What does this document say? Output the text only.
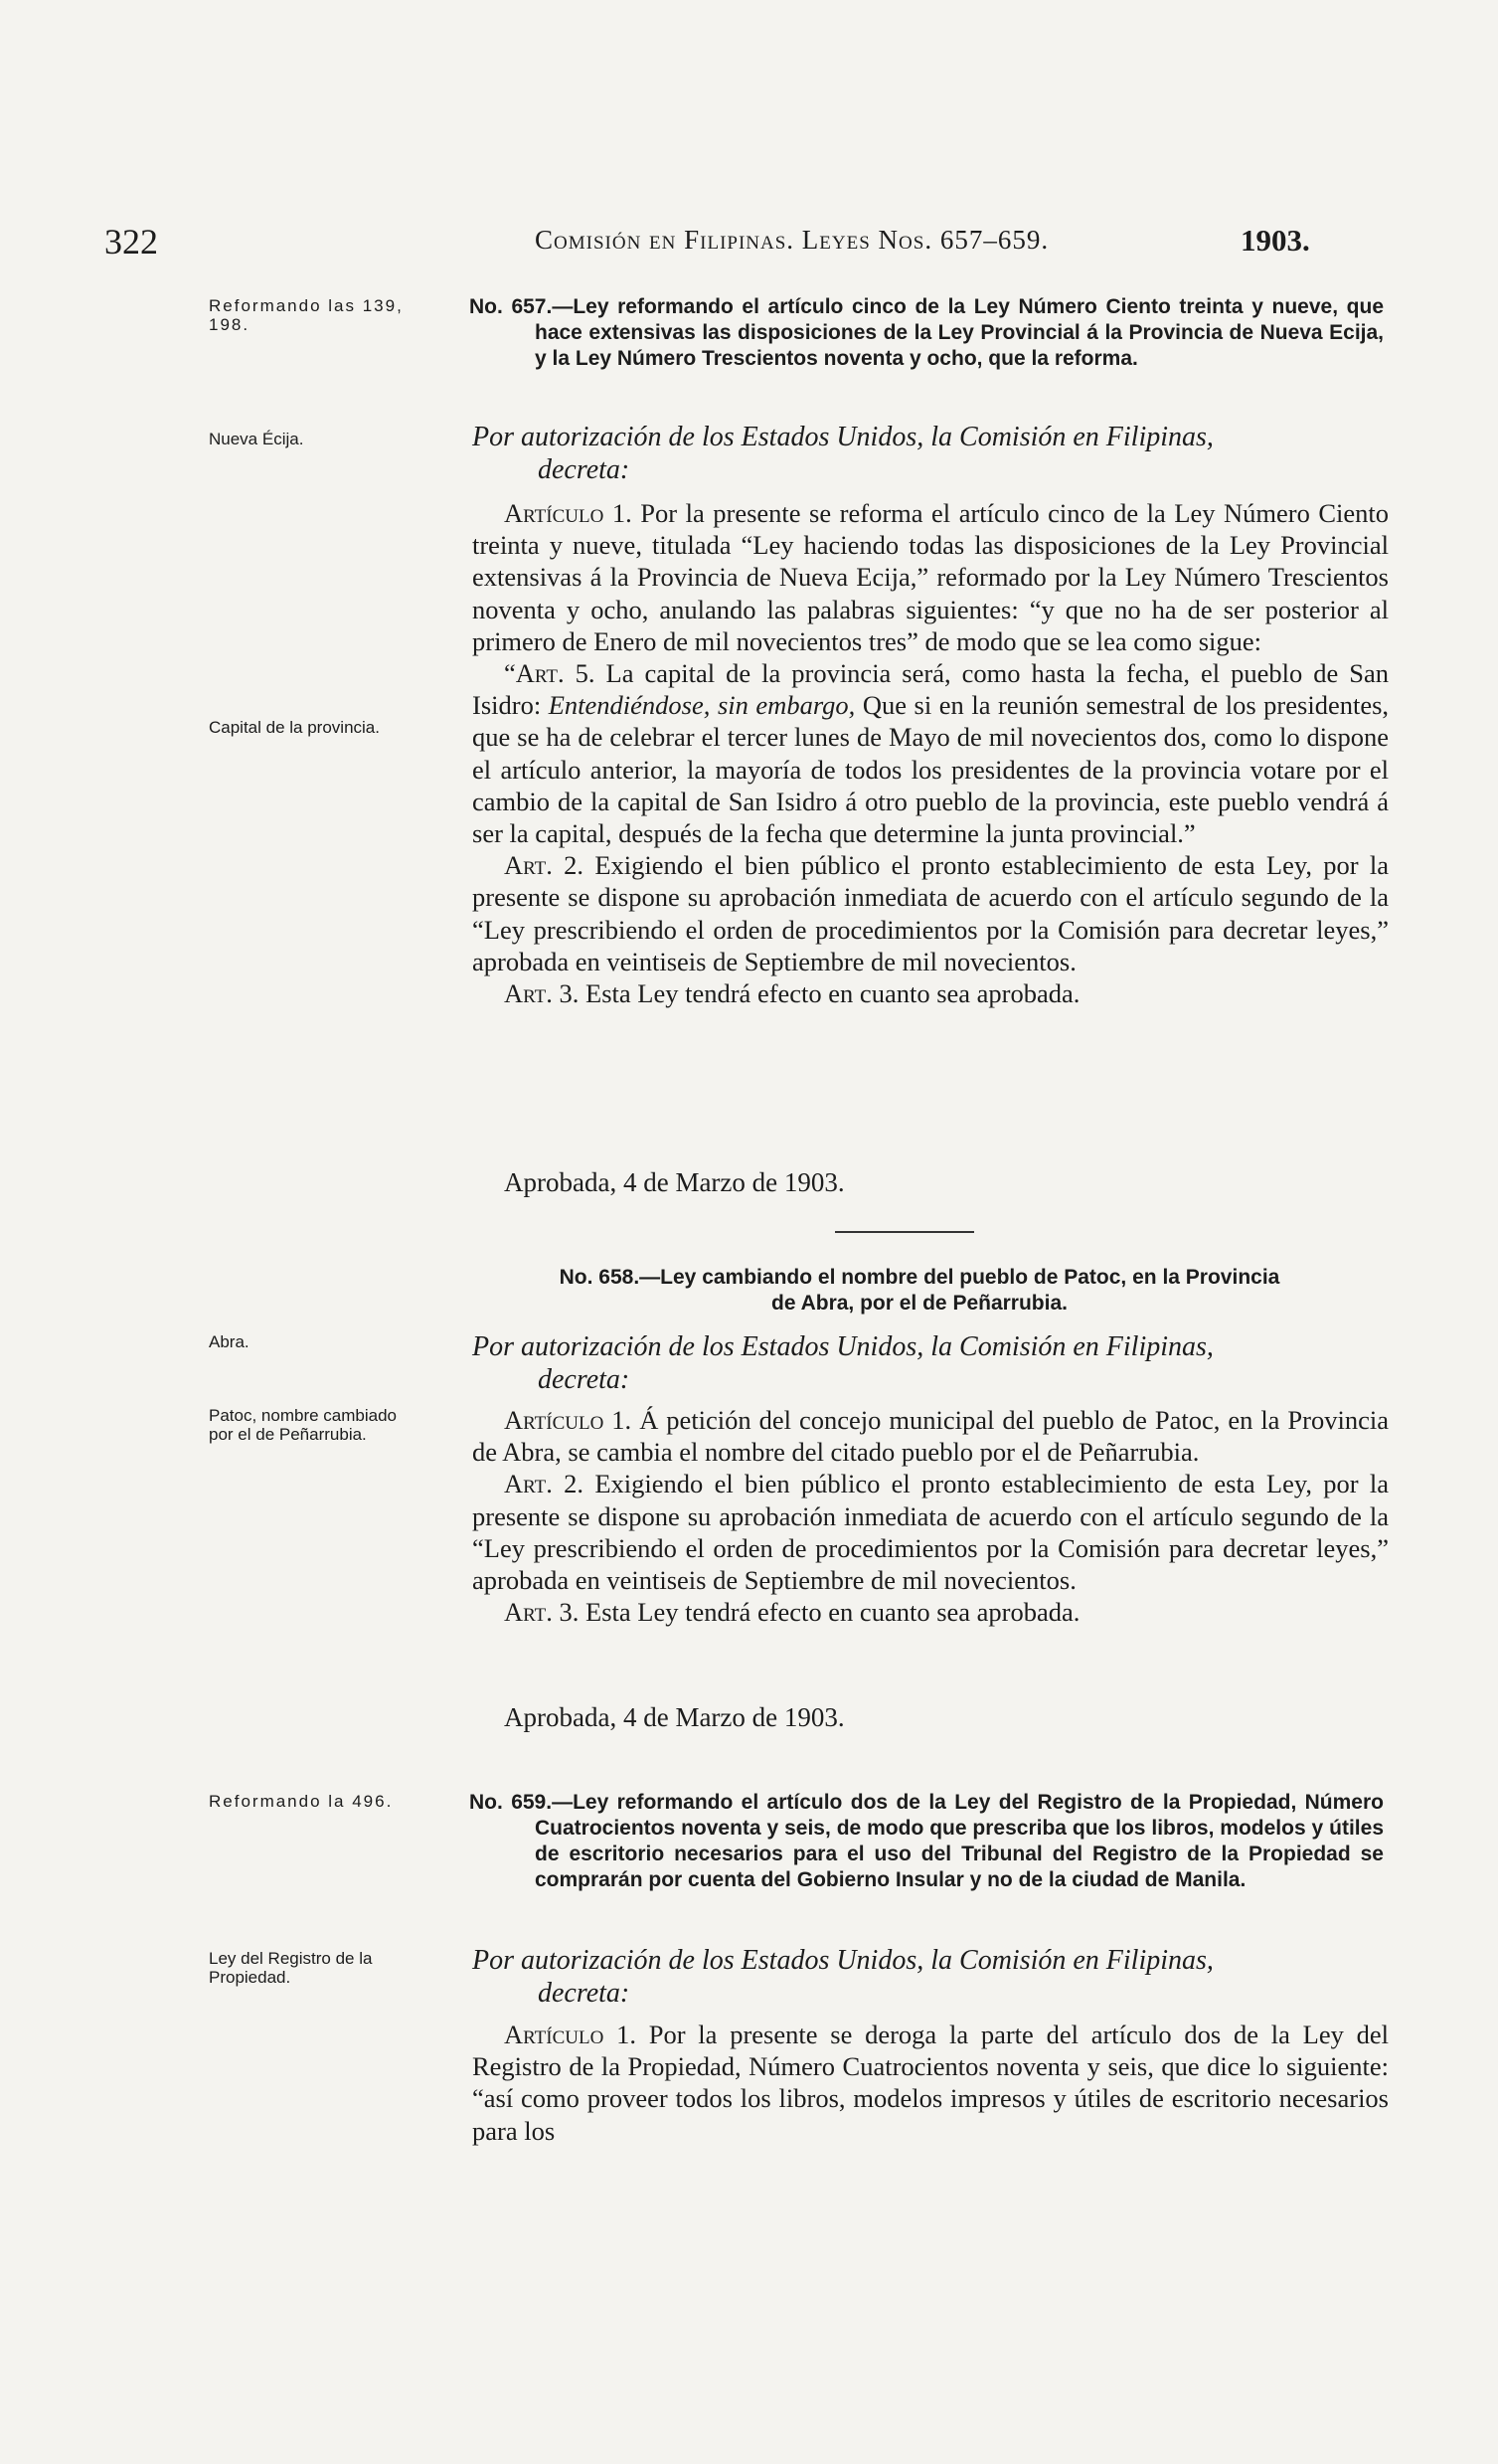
322	Comisión en Filipinas. Leyes Nos. 657–659.	1903.
Reformando las 139, 198.
No. 657.—Ley reformando el artículo cinco de la Ley Número Ciento treinta y nueve, que hace extensivas las disposiciones de la Ley Provincial á la Provincia de Nueva Ecija, y la Ley Número Trescientos noventa y ocho, que la reforma.
Nueva Écija.	Por autorización de los Estados Unidos, la Comisión en Filipinas,
decreta:
Capital de la provincia.

Artículo 1. Por la presente se reforma el artículo cinco de la Ley Número Ciento treinta y nueve, titulada “Ley haciendo todas las disposiciones de la Ley Provincial extensivas á la Provincia de Nueva Ecija,” reformado por la Ley Número Trescientos noventa y ocho, anulando las palabras siguientes: “y que no ha de ser posterior al primero de Enero de mil novecientos tres” de modo que se lea como sigue:

“Art. 5. La capital de la provincia será, como hasta la fecha, el pueblo de San Isidro: Entendiéndose, sin embargo, Que si en la reunión semestral de los presidentes, que se ha de celebrar el tercer lunes de Mayo de mil novecientos dos, como lo dispone el artículo anterior, la mayoría de todos los presidentes de la provincia votare por el cambio de la capital de San Isidro á otro pueblo de la provincia, este pueblo vendrá á ser la capital, después de la fecha que determine la junta provincial.”

Art. 2. Exigiendo el bien público el pronto establecimiento de esta Ley, por la presente se dispone su aprobación inmediata de acuerdo con el artículo segundo de la “Ley prescribiendo el orden de procedimientos por la Comisión para decretar leyes,” aprobada en veintiseis de Septiembre de mil novecientos.

Art. 3. Esta Ley tendrá efecto en cuanto sea aprobada.

Aprobada, 4 de Marzo de 1903.
No. 658.—Ley cambiando el nombre del pueblo de Patoc, en la Provincia
de Abra, por el de Peñarrubia.
Abra.	Por autorización de los Estados Unidos, la Comisión en Filipinas,
decreta:
Patoc, nombre cambiado por el de Peñarrubia.	Artículo 1. Á petición del concejo municipal del pueblo de Patoc, en la Provincia de Abra, se cambia el nombre del citado pueblo por el de Peñarrubia.

Art. 2. Exigiendo el bien público el pronto establecimiento de esta Ley, por la presente se dispone su aprobación inmediata de acuerdo con el artículo segundo de la “Ley prescribiendo el orden de procedimientos por la Comisión para decretar leyes,” aprobada en veintiseis de Septiembre de mil novecientos.

Art. 3. Esta Ley tendrá efecto en cuanto sea aprobada.

Aprobada, 4 de Marzo de 1903.
Reformando la 496.	No. 659.—Ley reformando el artículo dos de la Ley del Registro de la Propiedad, Número Cuatrocientos noventa y seis, de modo que prescriba que los libros, modelos y útiles de escritorio necesarios para el uso del Tribunal del Registro de la Propiedad se comprarán por cuenta del Gobierno Insular y no de la ciudad de Manila.
Ley del Registro de la Propiedad.
Por autorización de los Estados Unidos, la Comisión en Filipinas,
decreta:

Artículo 1. Por la presente se deroga la parte del artículo dos de la Ley del Registro de la Propiedad, Número Cuatrocientos noventa y seis, que dice lo siguiente: “así como proveer todos los libros, modelos impresos y útiles de escritorio necesarios para los
